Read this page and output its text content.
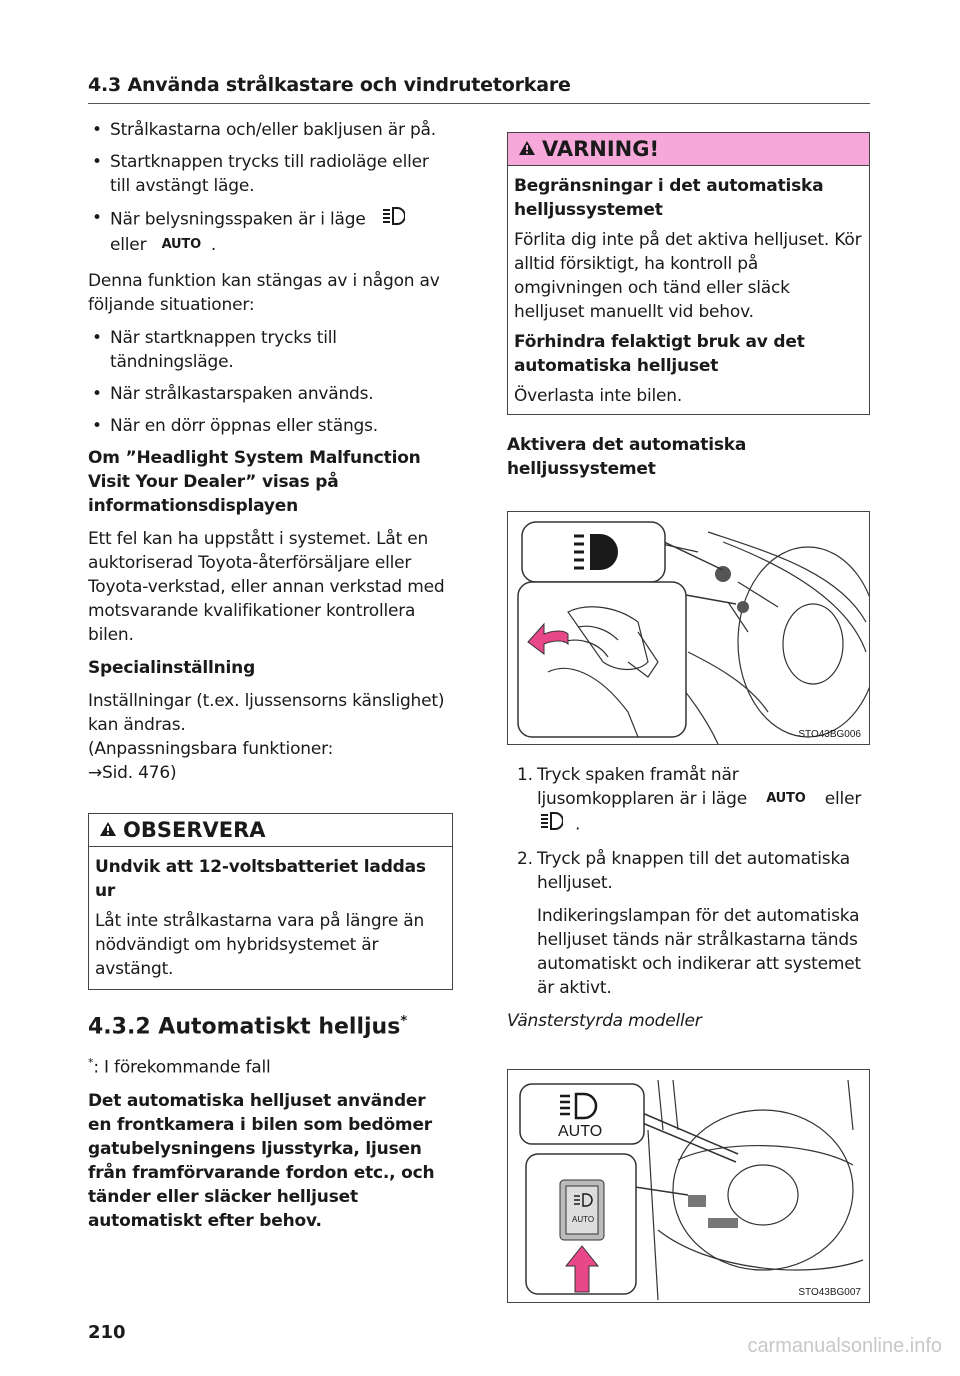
4.3 Använda strålkastare och vindrutetorkare
• Strålkastarna och/eller bakljusen är på.
• Startknappen trycks till radioläge eller till avstängt läge.
• När belysningsspaken är i läge
eller AUTO .

Denna funktion kan stängas av i någon av följande situationer:

• När startknappen trycks till tändningsläge.
• När strålkastarspaken används.
• När en dörr öppnas eller stängs.

Om ”Headlight System Malfunction Visit Your Dealer” visas på informationsdisplayen

Ett fel kan ha uppstått i systemet. Låt en auktoriserad Toyota-återförsäljare eller Toyota-verkstad, eller annan verkstad med motsvarande kvalifikationer kontrollera bilen.

Specialinställning

Inställningar (t.ex. ljussensorns känslighet) kan ändras.
(Anpassningsbara funktioner:
→Sid. 476)

OBSERVERA

Undvik att 12-voltsbatteriet laddas ur

Låt inte strålkastarna vara på längre än nödvändigt om hybridsystemet är avstängt.

4.3.2 Automatiskt helljus*

*: I förekommande fall

Det automatiska helljuset använder en frontkamera i bilen som bedömer gatubelysningens ljusstyrka, ljusen från framförvarande fordon etc., och tänder eller släcker helljuset automatiskt efter behov.

VARNING!

Begränsningar i det automatiska helljussystemet

Förlita dig inte på det aktiva helljuset. Kör alltid försiktigt, ha kontroll på omgivningen och tänd eller släck helljuset manuellt vid behov.

Förhindra felaktigt bruk av det automatiska helljuset

Överlasta inte bilen.

Aktivera det automatiska helljussystemet

STO43BG006
1. Tryck spaken framåt när ljusomkopplaren är i läge AUTO eller
.
2. Tryck på knappen till det automatiska helljuset.

Indikeringslampan för det automatiska helljuset tänds när strålkastarna tänds automatiskt och indikerar att systemet är aktivt.

Vänsterstyrda modeller

AUTO
AUTO
STO43BG007
210
carmanualsonline.info
